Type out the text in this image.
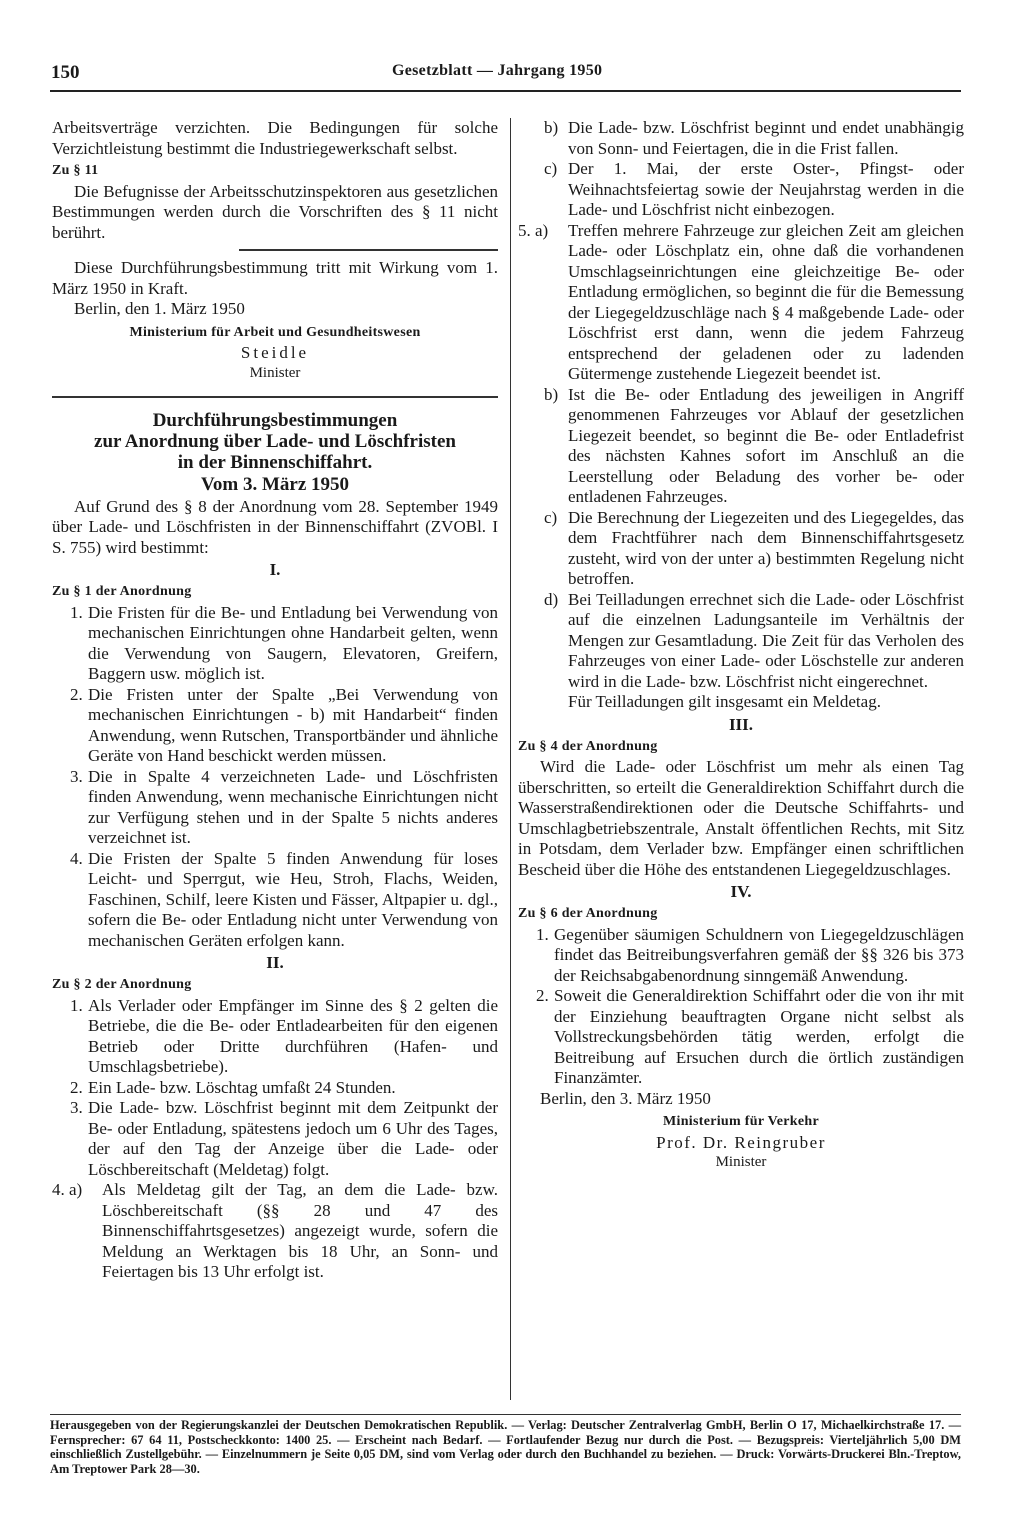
150	Gesetzblatt — Jahrgang 1950

Arbeitsverträge verzichten. Die Bedingungen für solche Verzichtleistung bestimmt die Industriegewerkschaft selbst.

Zu § 11

Die Befugnisse der Arbeitsschutzinspektoren aus gesetzlichen Bestimmungen werden durch die Vorschriften des § 11 nicht berührt.

Diese Durchführungsbestimmung tritt mit Wirkung vom 1. März 1950 in Kraft.

Berlin, den 1. März 1950

Ministerium für Arbeit und Gesundheitswesen

Steidle

Minister

Durchführungsbestimmungen

zur Anordnung über Lade- und Löschfristen

in der Binnenschiffahrt.

Vom 3. März 1950

Auf Grund des § 8 der Anordnung vom 28. September 1949 über Lade- und Löschfristen in der Binnenschiffahrt (ZVOBl. I S. 755) wird bestimmt:

I.

Zu § 1 der Anordnung

1. Die Fristen für die Be- und Entladung bei Verwendung von mechanischen Einrichtungen ohne Handarbeit gelten, wenn die Verwendung von Saugern, Elevatoren, Greifern, Baggern usw. möglich ist.
2. Die Fristen unter der Spalte „Bei Verwendung von mechanischen Einrichtungen - b) mit Handarbeit“ finden Anwendung, wenn Rutschen, Transportbänder und ähnliche Geräte von Hand beschickt werden müssen.
3. Die in Spalte 4 verzeichneten Lade- und Löschfristen finden Anwendung, wenn mechanische Einrichtungen nicht zur Verfügung stehen und in der Spalte 5 nichts anderes verzeichnet ist.
4. Die Fristen der Spalte 5 finden Anwendung für loses Leicht- und Sperrgut, wie Heu, Stroh, Flachs, Weiden, Faschinen, Schilf, leere Kisten und Fässer, Altpapier u. dgl., sofern die Be- oder Entladung nicht unter Verwendung von mechanischen Geräten erfolgen kann.

II.

Zu § 2 der Anordnung

1. Als Verlader oder Empfänger im Sinne des § 2 gelten die Betriebe, die die Be- oder Entladearbeiten für den eigenen Betrieb oder Dritte durchführen (Hafen- und Umschlagsbetriebe).
2. Ein Lade- bzw. Löschtag umfaßt 24 Stunden.
3. Die Lade- bzw. Löschfrist beginnt mit dem Zeitpunkt der Be- oder Entladung, spätestens jedoch um 6 Uhr des Tages, der auf den Tag der Anzeige über die Lade- oder Löschbereitschaft (Meldetag) folgt.
4. a) Als Meldetag gilt der Tag, an dem die Lade- bzw. Löschbereitschaft (§§ 28 und 47 des Binnenschiffahrtsgesetzes) angezeigt wurde, sofern die Meldung an Werktagen bis 18 Uhr, an Sonn- und Feiertagen bis 13 Uhr erfolgt ist.
b) Die Lade- bzw. Löschfrist beginnt und endet unabhängig von Sonn- und Feiertagen, die in die Frist fallen.
c) Der 1. Mai, der erste Oster-, Pfingst- oder Weihnachtsfeiertag sowie der Neujahrstag werden in die Lade- und Löschfrist nicht einbezogen.
5. a) Treffen mehrere Fahrzeuge zur gleichen Zeit am gleichen Lade- oder Löschplatz ein, ohne daß die vorhandenen Umschlagseinrichtungen eine gleichzeitige Be- oder Entladung ermöglichen, so beginnt die für die Bemessung der Liegegeldzuschläge nach § 4 maßgebende Lade- oder Löschfrist erst dann, wenn die jedem Fahrzeug entsprechend der geladenen oder zu ladenden Gütermenge zustehende Liegezeit beendet ist.
b) Ist die Be- oder Entladung des jeweiligen in Angriff genommenen Fahrzeuges vor Ablauf der gesetzlichen Liegezeit beendet, so beginnt die Be- oder Entladefrist des nächsten Kahnes sofort im Anschluß an die Leerstellung oder Beladung des vorher be- oder entladenen Fahrzeuges.
c) Die Berechnung der Liegezeiten und des Liegegeldes, das dem Frachtführer nach dem Binnenschiffahrtsgesetz zusteht, wird von der unter a) bestimmten Regelung nicht betroffen.
d) Bei Teilladungen errechnet sich die Lade- oder Löschfrist auf die einzelnen Ladungsanteile im Verhältnis der Mengen zur Gesamtladung. Die Zeit für das Verholen des Fahrzeuges von einer Lade- oder Löschstelle zur anderen wird in die Lade- bzw. Löschfrist nicht eingerechnet.

Für Teilladungen gilt insgesamt ein Meldetag.

III.

Zu § 4 der Anordnung

Wird die Lade- oder Löschfrist um mehr als einen Tag überschritten, so erteilt die Generaldirektion Schiffahrt durch die Wasserstraßendirektionen oder die Deutsche Schiffahrts- und Umschlagbetriebszentrale, Anstalt öffentlichen Rechts, mit Sitz in Potsdam, dem Verlader bzw. Empfänger einen schriftlichen Bescheid über die Höhe des entstandenen Liegegeldzuschlages.

IV.

Zu § 6 der Anordnung

1. Gegenüber säumigen Schuldnern von Liegegeldzuschlägen findet das Beitreibungsverfahren gemäß der §§ 326 bis 373 der Reichsabgabenordnung sinngemäß Anwendung.
2. Soweit die Generaldirektion Schiffahrt oder die von ihr mit der Einziehung beauftragten Organe nicht selbst als Vollstreckungsbehörden tätig werden, erfolgt die Beitreibung auf Ersuchen durch die örtlich zuständigen Finanzämter.

Berlin, den 3. März 1950

Ministerium für Verkehr

Prof. Dr. Reingruber

Minister

Herausgegeben von der Regierungskanzlei der Deutschen Demokratischen Republik. — Verlag: Deutscher Zentralverlag GmbH, Berlin O 17, Michaelkirchstraße 17. — Fernsprecher: 67 64 11, Postscheckkonto: 1400 25. — Erscheint nach Bedarf. — Fortlaufender Bezug nur durch die Post. — Bezugspreis: Vierteljährlich 5,00 DM einschließlich Zustellgebühr. — Einzelnummern je Seite 0,05 DM, sind vom Verlag oder durch den Buchhandel zu beziehen. — Druck: Vorwärts-Druckerei Bln.-Treptow, Am Treptower Park 28—30.
